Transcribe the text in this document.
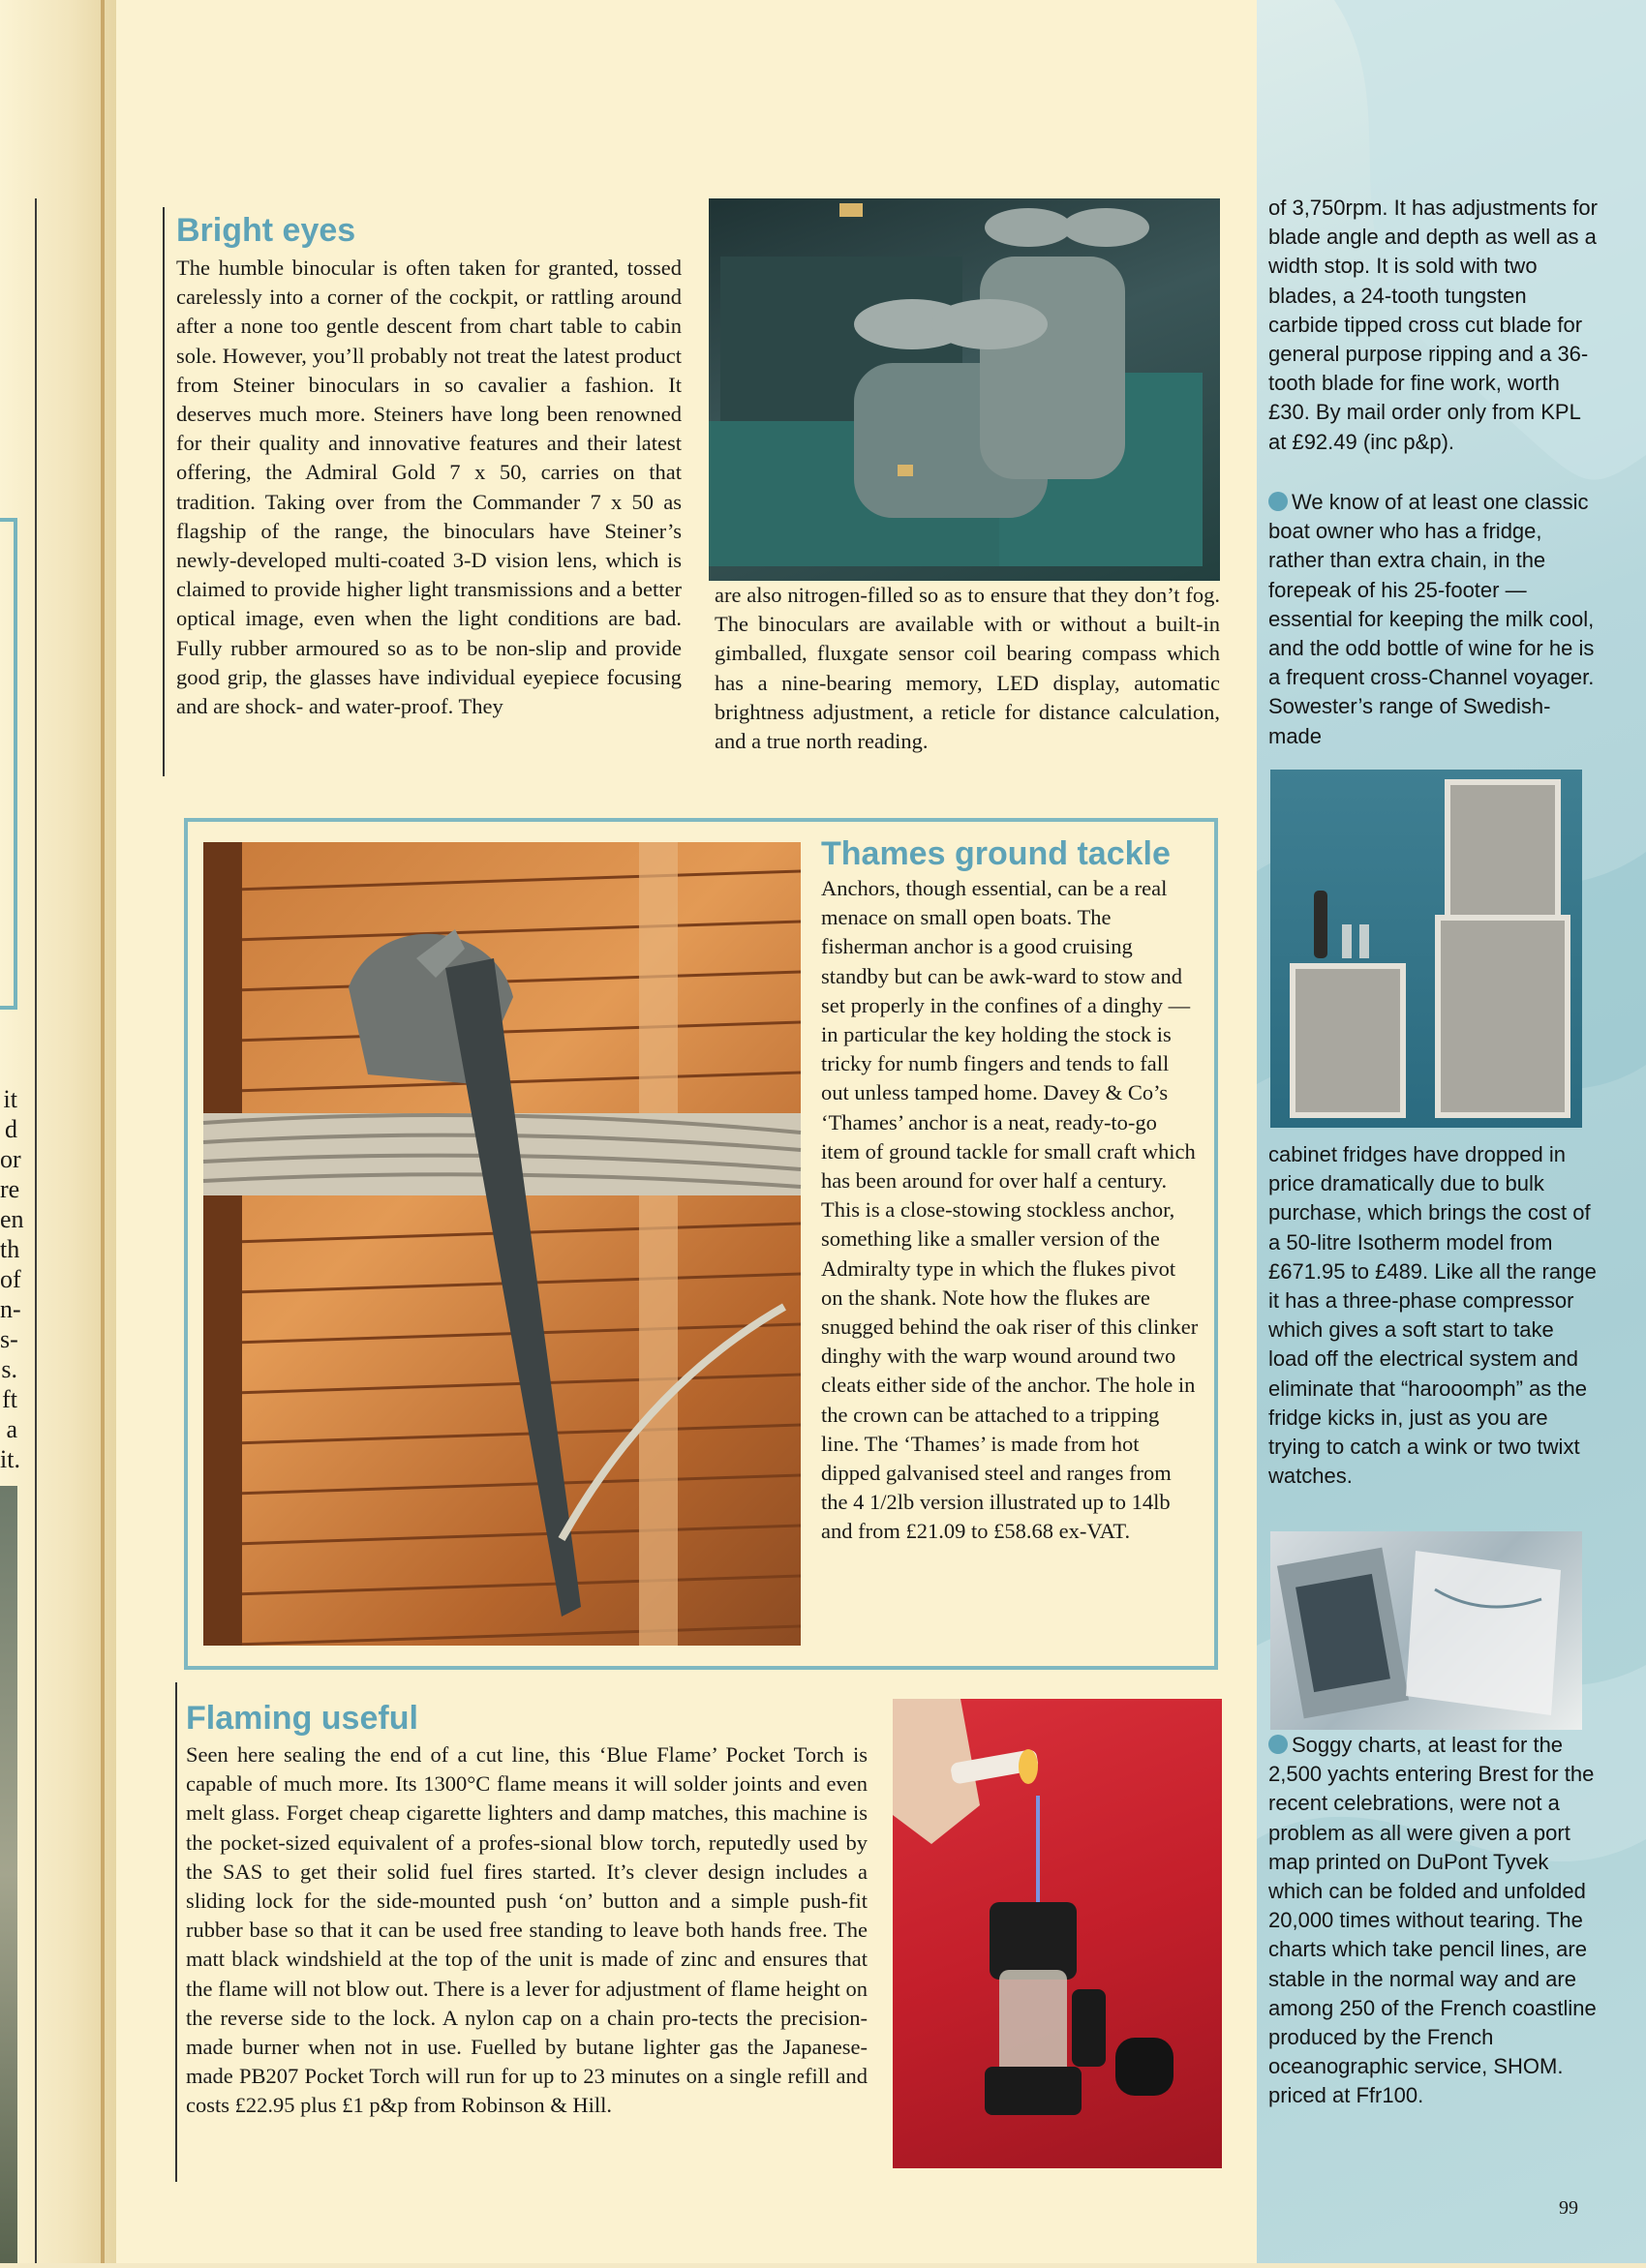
it
d
or
re
en
th
of
n-
s-
s.
ft
a
it.
Bright eyes

The humble binocular is often taken for granted, tossed carelessly into a corner of the cockpit, or rattling around after a none too gentle descent from chart table to cabin sole. However, you’ll probably not treat the latest product from Steiner binoculars in so cavalier a fashion. It deserves much more. Steiners have long been renowned for their quality and innovative features and their latest offering, the Admiral Gold 7 x 50, carries on that tradition. Taking over from the Commander 7 x 50 as flagship of the range, the binoculars have Steiner’s newly-developed multi-coated 3-D vision lens, which is claimed to provide higher light transmissions and a better optical image, even when the light conditions are bad. Fully rubber armoured so as to be non-slip and provide good grip, the glasses have individual eyepiece focusing and are shock- and water-proof. They

are also nitrogen-filled so as to ensure that they don’t fog. The binoculars are available with or without a built-in gimballed, fluxgate sensor coil bearing compass which has a nine-bearing memory, LED display, automatic brightness adjustment, a reticle for distance calculation, and a true north reading.

Thames ground tackle

Anchors, though essential, can be a real menace on small open boats. The fisherman anchor is a good cruising standby but can be awk-ward to stow and set properly in the confines of a dinghy — in particular the key holding the stock is tricky for numb fingers and tends to fall out unless tamped home. Davey & Co’s ‘Thames’ anchor is a neat, ready-to-go item of ground tackle for small craft which has been around for over half a century. This is a close-stowing stockless anchor, something like a smaller version of the Admiralty type in which the flukes pivot on the shank. Note how the flukes are snugged behind the oak riser of this clinker dinghy with the warp wound around two cleats either side of the anchor. The hole in the crown can be attached to a tripping line. The ‘Thames’ is made from hot dipped galvanised steel and ranges from the 4 1/2lb version illustrated up to 14lb and from £21.09 to £58.68 ex-VAT.

Flaming useful

Seen here sealing the end of a cut line, this ‘Blue Flame’ Pocket Torch is capable of much more. Its 1300°C flame means it will solder joints and even melt glass. Forget cheap cigarette lighters and damp matches, this machine is the pocket-sized equivalent of a profes-sional blow torch, reputedly used by the SAS to get their solid fuel fires started. It’s clever design includes a sliding lock for the side-mounted push ‘on’ button and a simple push-fit rubber base so that it can be used free standing to leave both hands free. The matt black windshield at the top of the unit is made of zinc and ensures that the flame will not blow out. There is a lever for adjustment of flame height on the reverse side to the lock. A nylon cap on a chain pro-tects the precision-made burner when not in use. Fuelled by butane lighter gas the Japanese-made PB207 Pocket Torch will run for up to 23 minutes on a single refill and costs £22.95 plus £1 p&p from Robinson & Hill.

of 3,750rpm. It has adjustments for blade angle and depth as well as a width stop. It is sold with two blades, a 24-tooth tungsten carbide tipped cross cut blade for general purpose ripping and a 36-tooth blade for fine work, worth £30. By mail order only from KPL at £92.49 (inc p&p).

We know of at least one classic boat owner who has a fridge, rather than extra chain, in the forepeak of his 25-footer — essential for keeping the milk cool, and the odd bottle of wine for he is a frequent cross-Channel voyager. Sowester’s range of Swedish-made

cabinet fridges have dropped in price dramatically due to bulk purchase, which brings the cost of a 50-litre Isotherm model from £671.95 to £489. Like all the range it has a three-phase compressor which gives a soft start to take load off the electrical system and eliminate that “harooomph” as the fridge kicks in, just as you are trying to catch a wink or two twixt watches.

Soggy charts, at least for the 2,500 yachts entering Brest for the recent celebrations, were not a problem as all were given a port map printed on DuPont Tyvek which can be folded and unfolded 20,000 times without tearing. The charts which take pencil lines, are stable in the normal way and are among 250 of the French coastline produced by the French oceanographic service, SHOM. priced at Ffr100.

99
